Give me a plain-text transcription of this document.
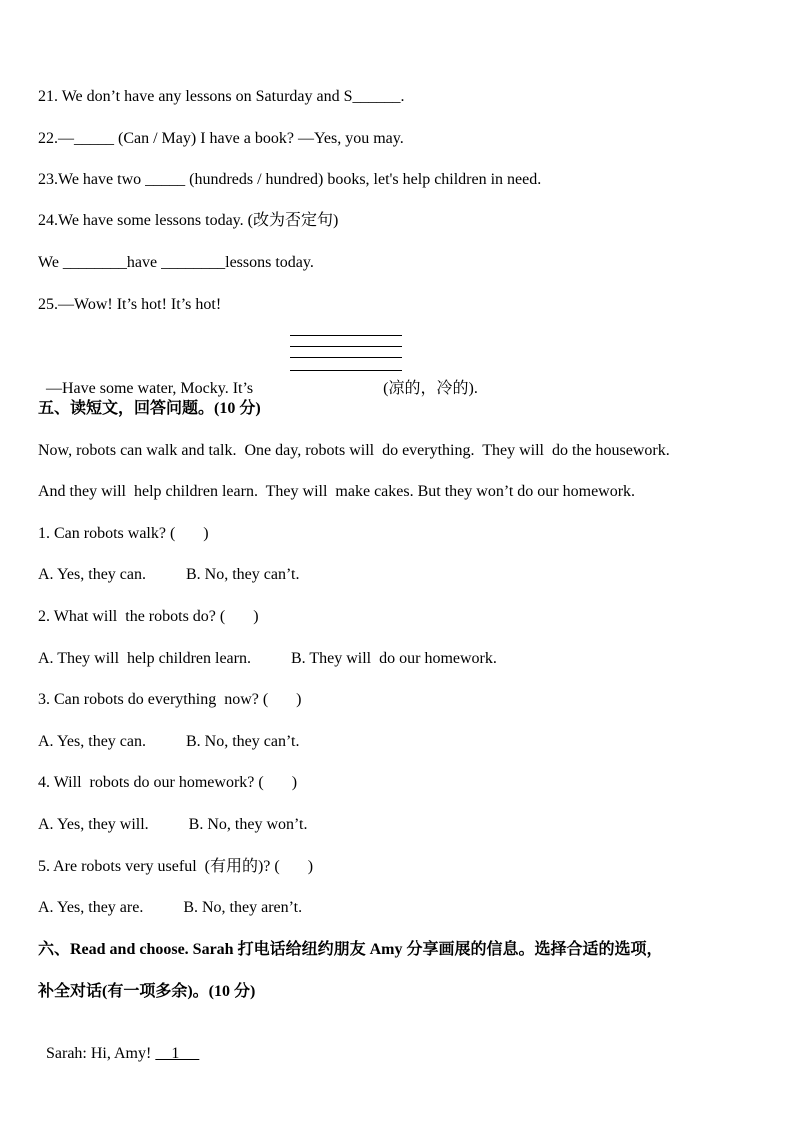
21. We don’t have any lessons on Saturday and S______.
22.—_____ (Can / May) I have a book? —Yes, you may.
23.We have two _____ (hundreds / hundred) books, let's help children in need.
24.We have some lessons today. (改为否定句)
We ________have ________lessons today.
25.—Wow! It’s hot! It’s hot!

—Have some water, Mocky. It’s	(凉的，冷的).

五、读短文，回答问题。(10 分)
Now, robots can walk and talk.  One day, robots will  do everything.  They will  do the housework.
And they will  help children learn.  They will  make cakes. But they won’t do our homework.
1. Can robots walk? (       )
A. Yes, they can.          B. No, they can’t.
2. What will  the robots do? (       )
A. They will  help children learn.          B. They will  do our homework.
3. Can robots do everything  now? (       )
A. Yes, they can.          B. No, they can’t.
4. Will  robots do our homework? (       )
A. Yes, they will.          B. No, they won’t.
5. Are robots very useful  (有用的)? (       )
A. Yes, they are.          B. No, they aren’t.
六、Read and choose. Sarah 打电话给纽约朋友 Amy 分享画展的信息。选择合适的选项，
补全对话(有一项多余)。(10 分)

Sarah: Hi, Amy!     1
